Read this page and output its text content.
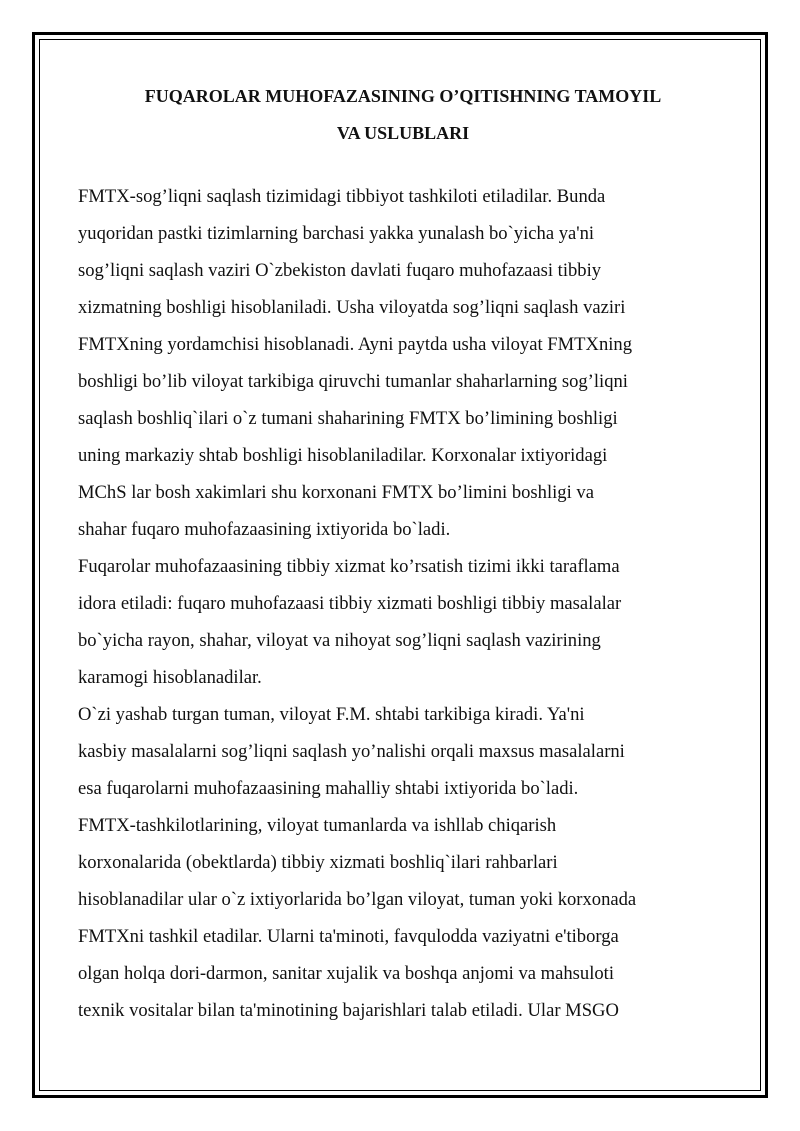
FUQAROLAR MUHOFAZASINING O’QITISHNING TAMOYIL
VA USLUBLARI

FMTX-sog’liqni saqlash tizimidagi tibbiyot tashkiloti etiladilar. Bunda
yuqoridan pastki tizimlarning barchasi yakka yunalash bo`yicha ya'ni
sog’liqni saqlash vaziri O`zbekiston davlati fuqaro muhofazaasi tibbiy
xizmatning boshligi hisoblaniladi. Usha viloyatda sog’liqni saqlash vaziri
FMTXning yordamchisi hisoblanadi. Ayni paytda usha viloyat FMTXning
boshligi bo’lib viloyat tarkibiga qiruvchi tumanlar shaharlarning sog’liqni
saqlash boshliq`ilari o`z tumani shaharining FMTX bo’limining boshligi
uning markaziy shtab boshligi hisoblaniladilar. Korxonalar ixtiyoridagi
MChS lar bosh xakimlari shu korxonani FMTX bo’limini boshligi va
shahar fuqaro muhofazaasining ixtiyorida bo`ladi.

Fuqarolar muhofazaasining tibbiy xizmat ko’rsatish tizimi ikki taraflama
idora etiladi: fuqaro muhofazaasi tibbiy xizmati boshligi tibbiy masalalar
bo`yicha rayon, shahar, viloyat va nihoyat sog’liqni saqlash vazirining
karamogi hisoblanadilar.

O`zi yashab turgan tuman, viloyat F.M. shtabi tarkibiga kiradi. Ya'ni
kasbiy masalalarni sog’liqni saqlash yo’nalishi orqali maxsus masalalarni
esa fuqarolarni muhofazaasining mahalliy shtabi ixtiyorida bo`ladi.
FMTX-tashkilotlarining, viloyat tumanlarda va ishllab chiqarish
korxonalarida (obektlarda) tibbiy xizmati boshliq`ilari rahbarlari
hisoblanadilar ular o`z ixtiyorlarida bo’lgan viloyat, tuman yoki korxonada
FMTXni tashkil etadilar. Ularni ta'minoti, favqulodda vaziyatni e'tiborga
olgan holqa dori-darmon, sanitar xujalik va boshqa anjomi va mahsuloti
texnik vositalar bilan ta'minotining bajarishlari talab etiladi. Ular MSGO
